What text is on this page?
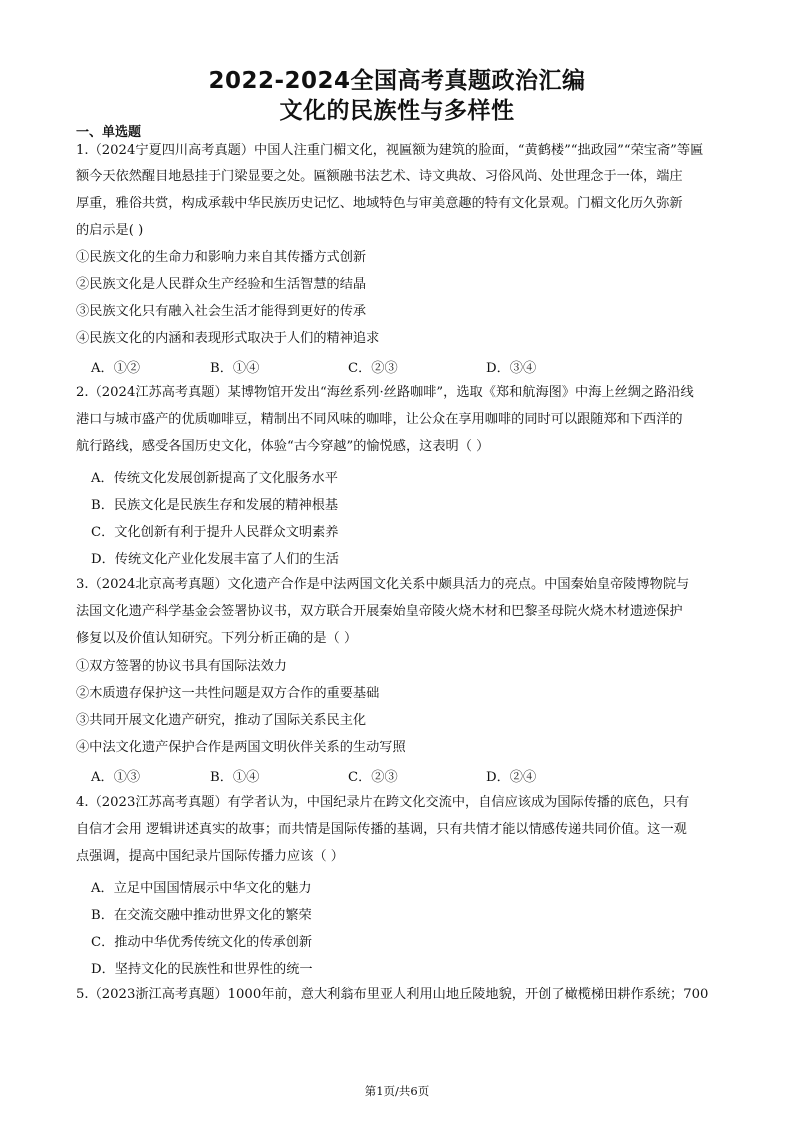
2022-2024全国高考真题政治汇编
文化的民族性与多样性
一、单选题
1.（2024宁夏四川高考真题）中国人注重门楣文化，视匾额为建筑的脸面，“黄鹤楼”“拙政园”“荣宝斋”等匾
额今天依然醒目地悬挂于门梁显要之处。匾额融书法艺术、诗文典故、习俗风尚、处世理念于一体，端庄
厚重，雅俗共赏，构成承载中华民族历史记忆、地域特色与审美意趣的特有文化景观。门楣文化历久弥新
的启示是( )
①民族文化的生命力和影响力来自其传播方式创新
②民族文化是人民群众生产经验和生活智慧的结晶
③民族文化只有融入社会生活才能得到更好的传承
④民族文化的内涵和表现形式取决于人们的精神追求
A．①②	B．①④	C．②③	D．③④
2.（2024江苏高考真题）某博物馆开发出“海丝系列·丝路咖啡”，选取《郑和航海图》中海上丝绸之路沿线
港口与城市盛产的优质咖啡豆，精制出不同风味的咖啡，让公众在享用咖啡的同时可以跟随郑和下西洋的
航行路线，感受各国历史文化，体验“古今穿越”的愉悦感，这表明（ ）
A．传统文化发展创新提高了文化服务水平
B．民族文化是民族生存和发展的精神根基
C．文化创新有利于提升人民群众文明素养
D．传统文化产业化发展丰富了人们的生活
3.（2024北京高考真题）文化遗产合作是中法两国文化关系中颇具活力的亮点。中国秦始皇帝陵博物院与
法国文化遗产科学基金会签署协议书，双方联合开展秦始皇帝陵火烧木材和巴黎圣母院火烧木材遗迹保护
修复以及价值认知研究。下列分析正确的是（ ）
①双方签署的协议书具有国际法效力
②木质遗存保护这一共性问题是双方合作的重要基础
③共同开展文化遗产研究，推动了国际关系民主化
④中法文化遗产保护合作是两国文明伙伴关系的生动写照
A．①③	B．①④	C．②③	D．②④
4.（2023江苏高考真题）有学者认为，中国纪录片在跨文化交流中，自信应该成为国际传播的底色，只有
自信才会用 逻辑讲述真实的故事；而共情是国际传播的基调，只有共情才能以情感传递共同价值。这一观
点强调，提高中国纪录片国际传播力应该（ ）
A．立足中国国情展示中华文化的魅力
B．在交流交融中推动世界文化的繁荣
C．推动中华优秀传统文化的传承创新
D．坚持文化的民族性和世界性的统一
5.（2023浙江高考真题）1000年前，意大利翁布里亚人利用山地丘陵地貌，开创了橄榄梯田耕作系统；700
第1页/共6页
